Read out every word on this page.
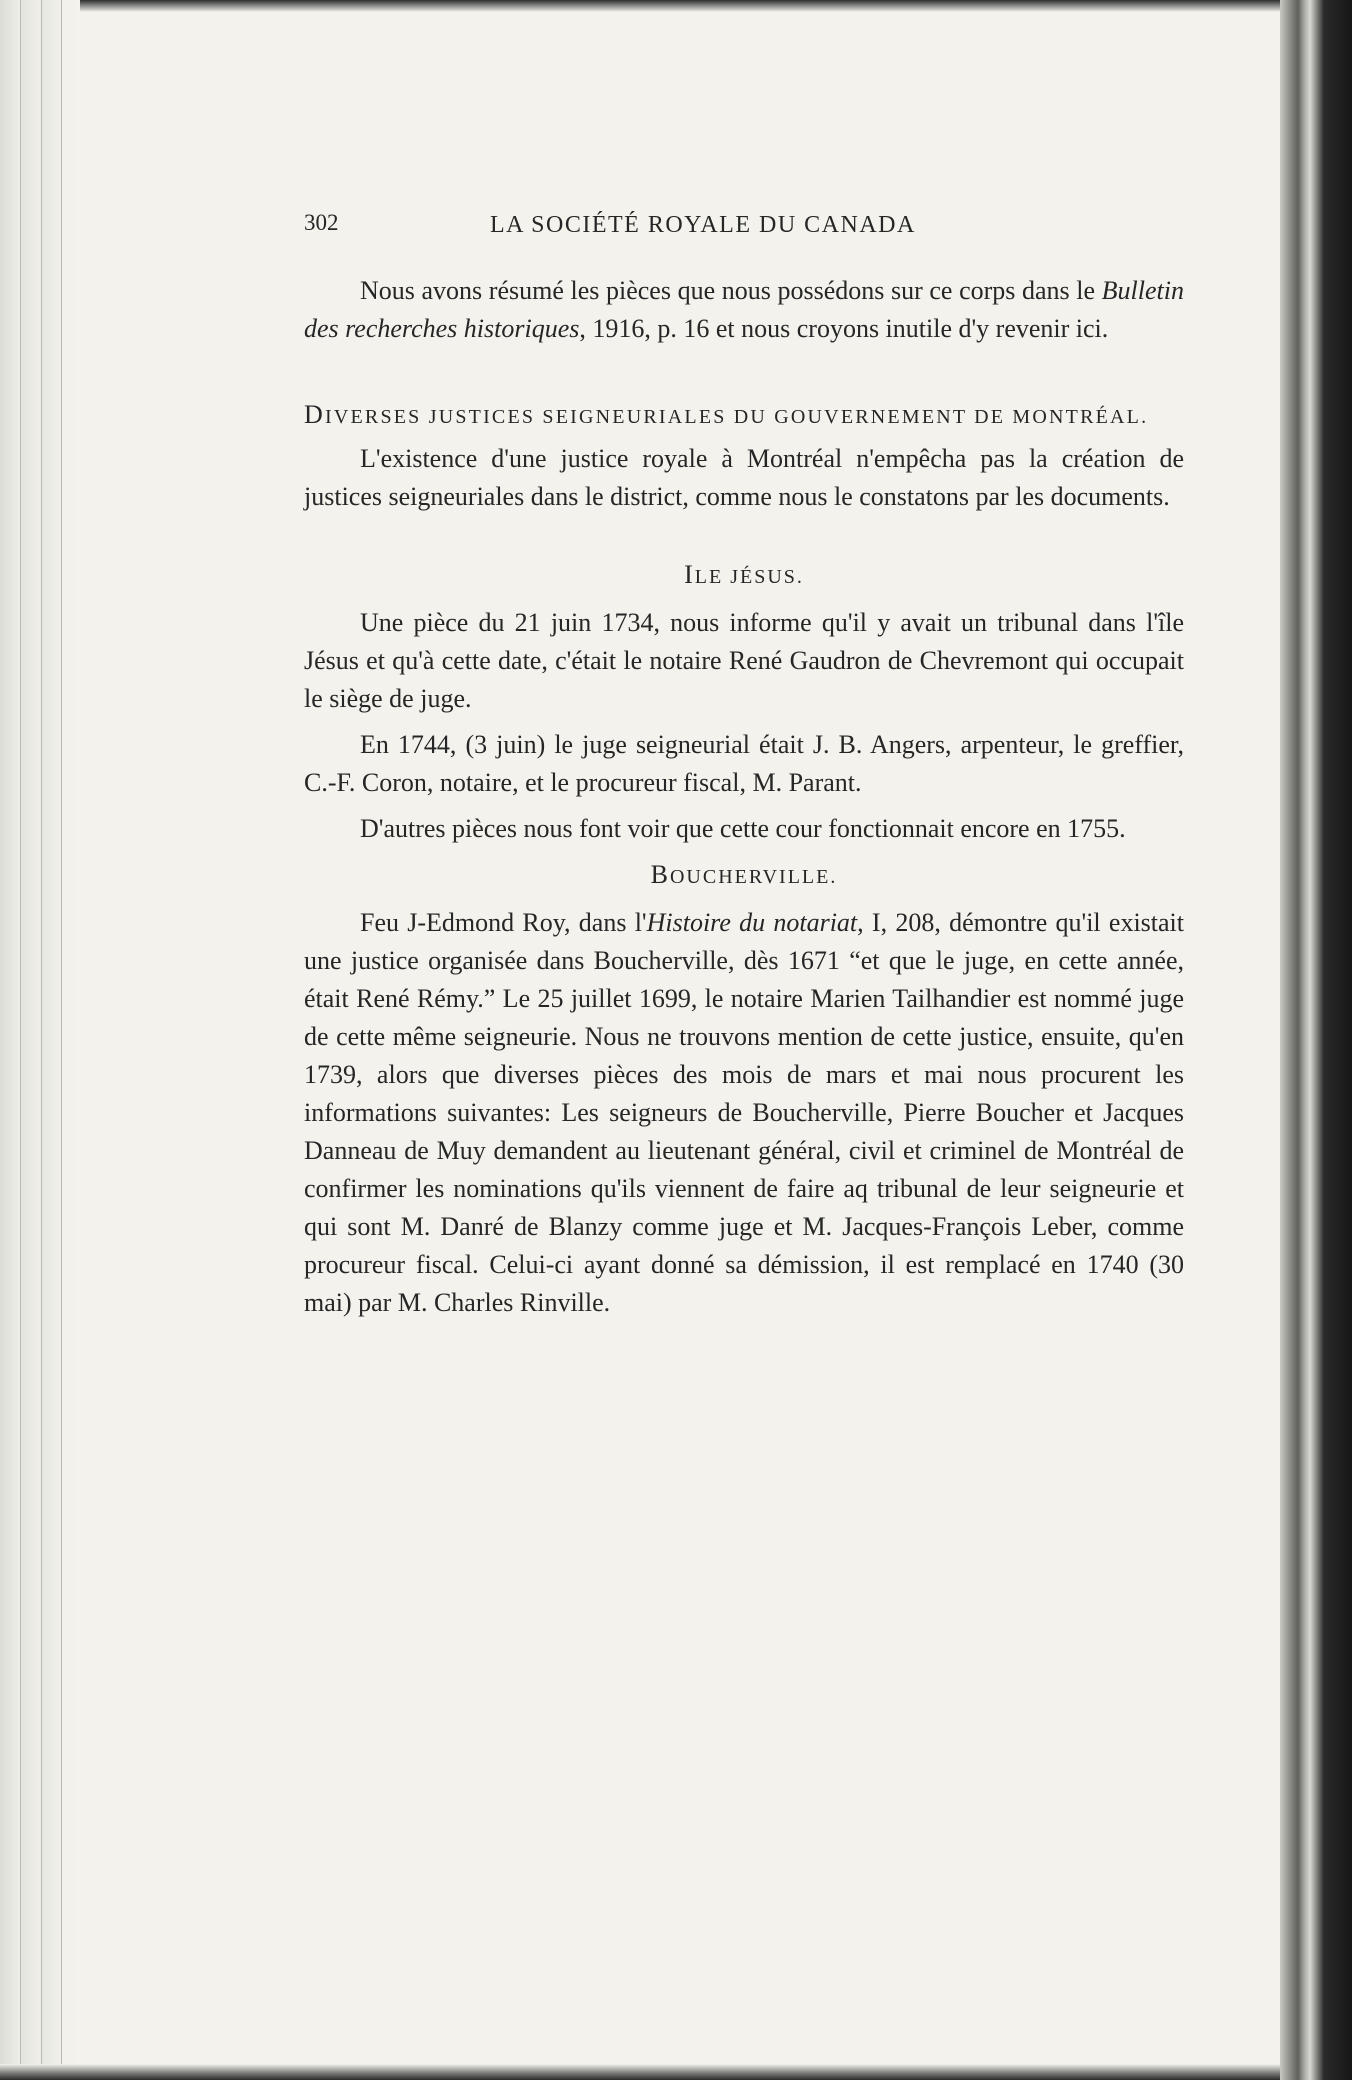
302	LA SOCIÉTÉ ROYALE DU CANADA

Nous avons résumé les pièces que nous possédons sur ce corps dans le Bulletin des recherches historiques, 1916, p. 16 et nous croyons inutile d'y revenir ici.

DIVERSES JUSTICES SEIGNEURIALES DU GOUVERNEMENT DE MONTRÉAL.

L'existence d'une justice royale à Montréal n'empêcha pas la création de justices seigneuriales dans le district, comme nous le constatons par les documents.

ILE JÉSUS.

Une pièce du 21 juin 1734, nous informe qu'il y avait un tribunal dans l'île Jésus et qu'à cette date, c'était le notaire René Gaudron de Chevremont qui occupait le siège de juge.

En 1744, (3 juin) le juge seigneurial était J. B. Angers, arpenteur, le greffier, C.-F. Coron, notaire, et le procureur fiscal, M. Parant.

D'autres pièces nous font voir que cette cour fonctionnait encore en 1755.

BOUCHERVILLE.

Feu J-Edmond Roy, dans l'Histoire du notariat, I, 208, démontre qu'il existait une justice organisée dans Boucherville, dès 1671 “et que le juge, en cette année, était René Rémy.” Le 25 juillet 1699, le notaire Marien Tailhandier est nommé juge de cette même seigneurie. Nous ne trouvons mention de cette justice, ensuite, qu'en 1739, alors que diverses pièces des mois de mars et mai nous procurent les informations suivantes: Les seigneurs de Boucherville, Pierre Boucher et Jacques Danneau de Muy demandent au lieutenant général, civil et criminel de Montréal de confirmer les nominations qu'ils viennent de faire aq tribunal de leur seigneurie et qui sont M. Danré de Blanzy comme juge et M. Jacques-François Leber, comme procureur fiscal. Celui-ci ayant donné sa démission, il est remplacé en 1740 (30 mai) par M. Charles Rinville.
